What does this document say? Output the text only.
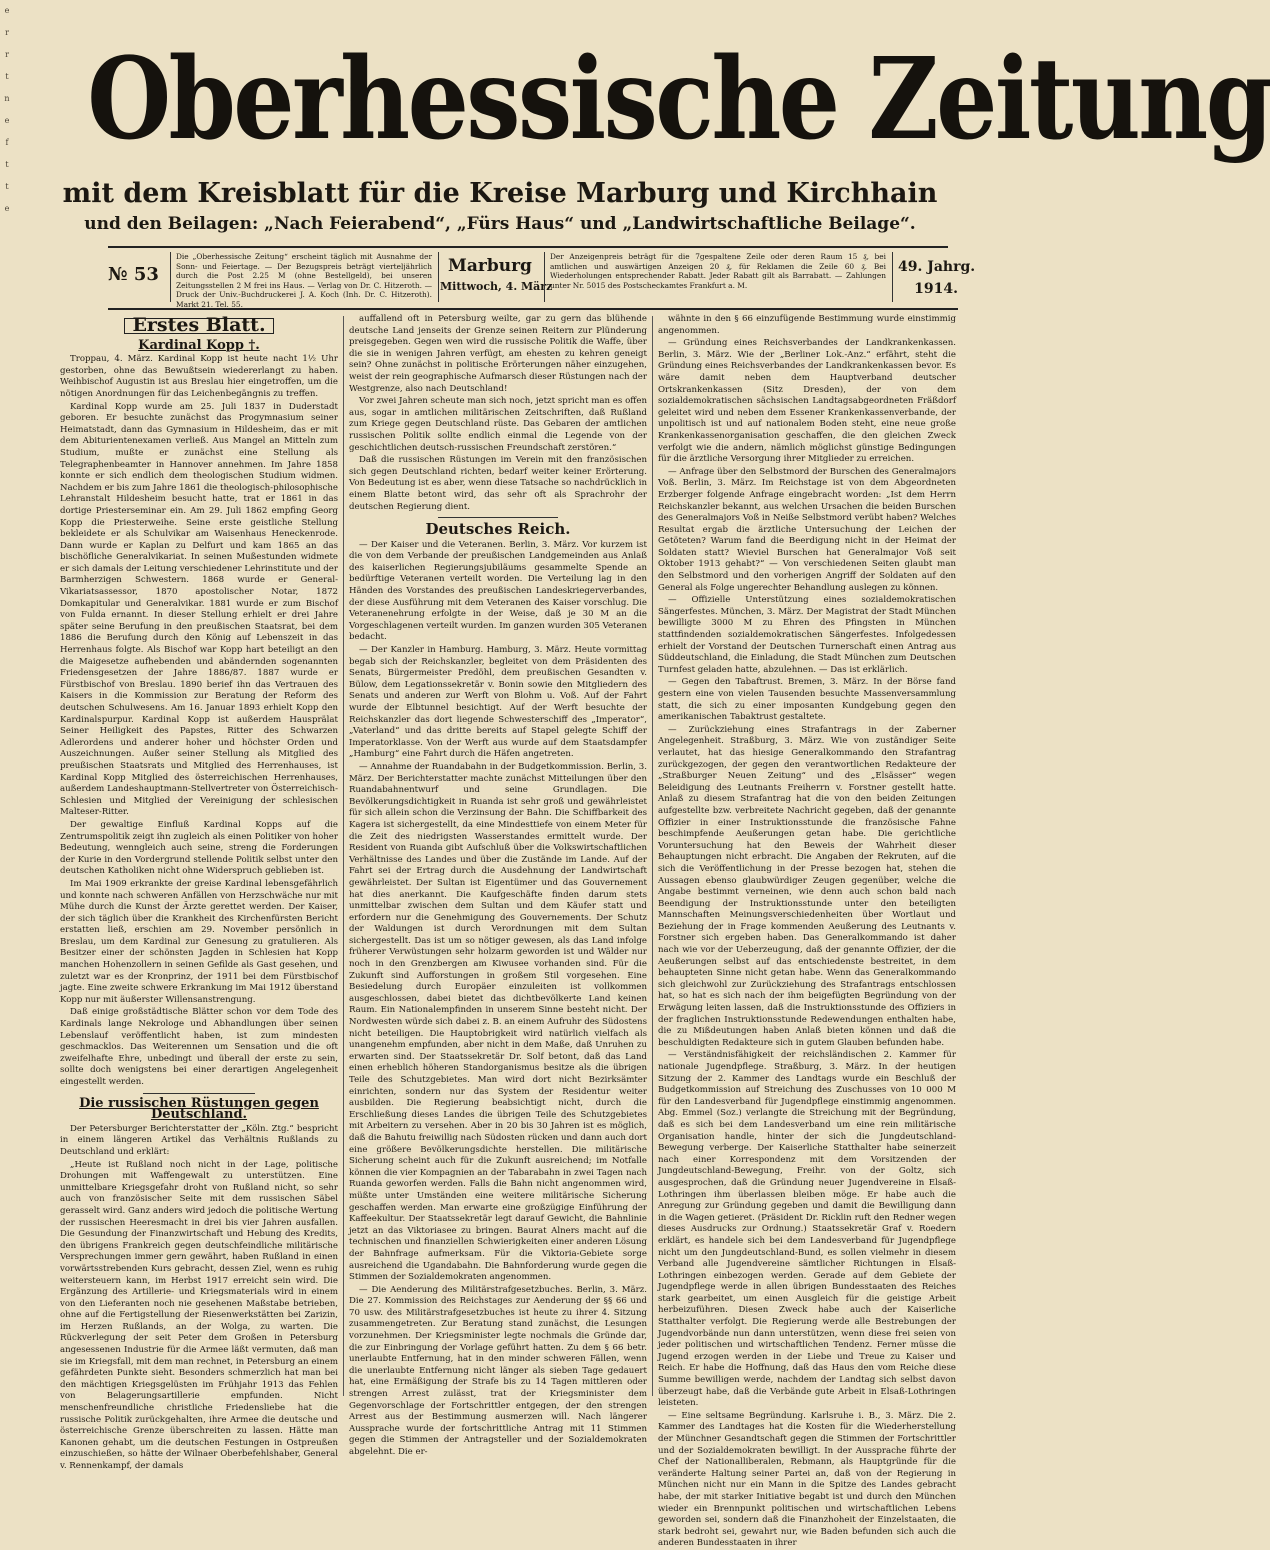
e
r
r
t
n
e
f
t
t
e
Oberhessische Zeitung
mit dem Kreisblatt für die Kreise Marburg und Kirchhain
und den Beilagen: „Nach Feierabend“, „Fürs Haus“ und „Landwirtschaftliche Beilage“.
№ 53
Die „Oberhessische Zeitung“ erscheint täglich mit Ausnahme der Sonn- und Feiertage. — Der Bezugspreis beträgt vierteljährlich durch die Post 2.25 M (ohne Bestellgeld), bei unseren Zeitungsstellen 2 M frei ins Haus. — Verlag von Dr. C. Hitzeroth. — Druck der Univ.-Buchdruckerei J. A. Koch (Inh. Dr. C. Hitzeroth). Markt 21. Tel. 55.
Marburg
Mittwoch, 4. März
Der Anzeigenpreis beträgt für die 7gespaltene Zeile oder deren Raum 15 ₰, bei amtlichen und auswärtigen Anzeigen 20 ₰, für Reklamen die Zeile 60 ₰. Bei Wiederholungen entsprechender Rabatt. Jeder Rabatt gilt als Barrabatt. — Zahlungen unter Nr. 5015 des Postscheckamtes Frankfurt a. M.
49. Jahrg.
1914.
Erstes Blatt.
Kardinal Kopp †.

Troppau, 4. März. Kardinal Kopp ist heute nacht 1½ Uhr gestorben, ohne das Bewußtsein wiedererlangt zu haben. Weihbischof Augustin ist aus Breslau hier eingetroffen, um die nötigen Anordnungen für das Leichenbegängnis zu treffen.

Kardinal Kopp wurde am 25. Juli 1837 in Duderstadt geboren. Er besuchte zunächst das Progymnasium seiner Heimatstadt, dann das Gymnasium in Hildesheim, das er mit dem Abiturientenexamen verließ. Aus Mangel an Mitteln zum Studium, mußte er zunächst eine Stellung als Telegraphenbeamter in Hannover annehmen. Im Jahre 1858 konnte er sich endlich dem theologischen Studium widmen. Nachdem er bis zum Jahre 1861 die theologisch-philosophische Lehranstalt Hildesheim besucht hatte, trat er 1861 in das dortige Priesterseminar ein. Am 29. Juli 1862 empfing Georg Kopp die Priesterweihe. Seine erste geistliche Stellung bekleidete er als Schulvikar am Waisenhaus Heneckenrode. Dann wurde er Kaplan zu Delfurt und kam 1865 an das bischöfliche Generalvikariat. In seinen Mußestunden widmete er sich damals der Leitung verschiedener Lehrinstitute und der Barmherzigen Schwestern. 1868 wurde er General-Vikariatsassessor, 1870 apostolischer Notar, 1872 Domkapitular und Generalvikar. 1881 wurde er zum Bischof von Fulda ernannt. In dieser Stellung erhielt er drei Jahre später seine Berufung in den preußischen Staatsrat, bei dem 1886 die Berufung durch den König auf Lebenszeit in das Herrenhaus folgte. Als Bischof war Kopp hart beteiligt an den die Maigesetze aufhebenden und abändernden sogenannten Friedensgesetzen der Jahre 1886/87. 1887 wurde er Fürstbischof von Breslau. 1890 berief ihn das Vertrauen des Kaisers in die Kommission zur Beratung der Reform des deutschen Schulwesens. Am 16. Januar 1893 erhielt Kopp den Kardinalspurpur. Kardinal Kopp ist außerdem Hausprälat Seiner Heiligkeit des Papstes, Ritter des Schwarzen Adlerordens und anderer hoher und höchster Orden und Auszeichnungen. Außer seiner Stellung als Mitglied des preußischen Staatsrats und Mitglied des Herrenhauses, ist Kardinal Kopp Mitglied des österreichischen Herrenhauses, außerdem Landeshauptmann-Stellvertreter von Österreichisch-Schlesien und Mitglied der Vereinigung der schlesischen Malteser-Ritter.

Der gewaltige Einfluß Kardinal Kopps auf die Zentrumspolitik zeigt ihn zugleich als einen Politiker von hoher Bedeutung, wenngleich auch seine, streng die Forderungen der Kurie in den Vordergrund stellende Politik selbst unter den deutschen Katholiken nicht ohne Widerspruch geblieben ist.

Im Mai 1909 erkrankte der greise Kardinal lebensgefährlich und konnte nach schweren Anfällen von Herzschwäche nur mit Mühe durch die Kunst der Ärzte gerettet werden. Der Kaiser, der sich täglich über die Krankheit des Kirchenfürsten Bericht erstatten ließ, erschien am 29. November persönlich in Breslau, um dem Kardinal zur Genesung zu gratulieren. Als Besitzer einer der schönsten Jagden in Schlesien hat Kopp manchen Hohenzollern in seinen Gefilde als Gast gesehen, und zuletzt war es der Kronprinz, der 1911 bei dem Fürstbischof jagte. Eine zweite schwere Erkrankung im Mai 1912 überstand Kopp nur mit äußerster Willensanstrengung.

Daß einige großstädtische Blätter schon vor dem Tode des Kardinals lange Nekrologe und Abhandlungen über seinen Lebenslauf veröffentlicht haben, ist zum mindesten geschmacklos. Das Weiterennen um Sensation und die oft zweifelhafte Ehre, unbedingt und überall der erste zu sein, sollte doch wenigstens bei einer derartigen Angelegenheit eingestellt werden.

Die russischen Rüstungen gegen Deutschland.

Der Petersburger Berichterstatter der „Köln. Ztg.“ bespricht in einem längeren Artikel das Verhältnis Rußlands zu Deutschland und erklärt:

„Heute ist Rußland noch nicht in der Lage, politische Drohungen mit Waffengewalt zu unterstützen. Eine unmittelbare Kriegsgefahr droht von Rußland nicht, so sehr auch von französischer Seite mit dem russischen Säbel gerasselt wird. Ganz anders wird jedoch die politische Wertung der russischen Heeresmacht in drei bis vier Jahren ausfallen. Die Gesundung der Finanzwirtschaft und Hebung des Kredits, den übrigens Frankreich gegen deutschfeindliche militärische Versprechungen immer gern gewährt, haben Rußland in einen vorwärtsstrebenden Kurs gebracht, dessen Ziel, wenn es ruhig weitersteuern kann, im Herbst 1917 erreicht sein wird. Die Ergänzung des Artillerie- und Kriegsmaterials wird in einem von den Lieferanten noch nie gesehenen Maßstabe betrieben, ohne auf die Fertigstellung der Riesenwerkstätten bei Zarizin, im Herzen Rußlands, an der Wolga, zu warten. Die Rückverlegung der seit Peter dem Großen in Petersburg angesessenen Industrie für die Armee läßt vermuten, daß man sie im Kriegsfall, mit dem man rechnet, in Petersburg an einem gefährdeten Punkte sieht. Besonders schmerzlich hat man bei den mächtigen Kriegsgelüsten im Frühjahr 1913 das Fehlen von Belagerungsartillerie empfunden. Nicht menschenfreundliche christliche Friedensliebe hat die russische Politik zurückgehalten, ihre Armee die deutsche und österreichische Grenze überschreiten zu lassen. Hätte man Kanonen gehabt, um die deutschen Festungen in Ostpreußen einzuschießen, so hätte der Wilnaer Oberbefehlshaber, General v. Rennenkampf, der damals

auffallend oft in Petersburg weilte, gar zu gern das blühende deutsche Land jenseits der Grenze seinen Reitern zur Plünderung preisgegeben. Gegen wen wird die russische Politik die Waffe, über die sie in wenigen Jahren verfügt, am ehesten zu kehren geneigt sein? Ohne zunächst in politische Erörterungen näher einzugehen, weist der rein geographische Aufmarsch dieser Rüstungen nach der Westgrenze, also nach Deutschland!

Vor zwei Jahren scheute man sich noch, jetzt spricht man es offen aus, sogar in amtlichen militärischen Zeitschriften, daß Rußland zum Kriege gegen Deutschland rüste. Das Gebaren der amtlichen russischen Politik sollte endlich einmal die Legende von der geschichtlichen deutsch-russischen Freundschaft zerstören.“

Daß die russischen Rüstungen im Verein mit den französischen sich gegen Deutschland richten, bedarf weiter keiner Erörterung. Von Bedeutung ist es aber, wenn diese Tatsache so nachdrücklich in einem Blatte betont wird, das sehr oft als Sprachrohr der deutschen Regierung dient.

Deutsches Reich.

— Der Kaiser und die Veteranen. Berlin, 3. März. Vor kurzem ist die von dem Verbande der preußischen Landgemeinden aus Anlaß des kaiserlichen Regierungsjubiläums gesammelte Spende an bedürftige Veteranen verteilt worden. Die Verteilung lag in den Händen des Vorstandes des preußischen Landeskriegerverbandes, der diese Ausführung mit dem Veteranen des Kaiser vorschlug. Die Veteranenehrung erfolgte in der Weise, daß je 30 M an die Vorgeschlagenen verteilt wurden. Im ganzen wurden 305 Veteranen bedacht.

— Der Kanzler in Hamburg. Hamburg, 3. März. Heute vormittag begab sich der Reichskanzler, begleitet von dem Präsidenten des Senats, Bürgermeister Predöhl, dem preußischen Gesandten v. Bülow, dem Legationssekretär v. Bonin sowie den Mitgliedern des Senats und anderen zur Werft von Blohm u. Voß. Auf der Fahrt wurde der Elbtunnel besichtigt. Auf der Werft besuchte der Reichskanzler das dort liegende Schwesterschiff des „Imperator“, „Vaterland“ und das dritte bereits auf Stapel gelegte Schiff der Imperatorklasse. Von der Werft aus wurde auf dem Staatsdampfer „Hamburg“ eine Fahrt durch die Häfen angetreten.

— Annahme der Ruandabahn in der Budgetkommission. Berlin, 3. März. Der Berichterstatter machte zunächst Mitteilungen über den Ruandabahnentwurf und seine Grundlagen. Die Bevölkerungsdichtigkeit in Ruanda ist sehr groß und gewährleistet für sich allein schon die Verzinsung der Bahn. Die Schiffbarkeit des Kagera ist sichergestellt, da eine Mindesttiefe von einem Meter für die Zeit des niedrigsten Wasserstandes ermittelt wurde. Der Resident von Ruanda gibt Aufschluß über die Volkswirtschaftlichen Verhältnisse des Landes und über die Zustände im Lande. Auf der Fahrt sei der Ertrag durch die Ausdehnung der Landwirtschaft gewährleistet. Der Sultan ist Eigentümer und das Gouvernement hat dies anerkannt. Die Kaufgeschäfte finden darum stets unmittelbar zwischen dem Sultan und dem Käufer statt und erfordern nur die Genehmigung des Gouvernements. Der Schutz der Waldungen ist durch Verordnungen mit dem Sultan sichergestellt. Das ist um so nötiger gewesen, als das Land infolge früherer Verwüstungen sehr holzarm geworden ist und Wälder nur noch in den Grenzbergen am Kiwusee vorhanden sind. Für die Zukunft sind Aufforstungen in großem Stil vorgesehen. Eine Besiedelung durch Europäer einzuleiten ist vollkommen ausgeschlossen, dabei bietet das dichtbevölkerte Land keinen Raum. Ein Nationalempfinden in unserem Sinne besteht nicht. Der Nordwesten würde sich dabei z. B. an einem Aufruhr des Südostens nicht beteiligen. Die Hauptobrigkeit wird natürlich vielfach als unangenehm empfunden, aber nicht in dem Maße, daß Unruhen zu erwarten sind. Der Staatssekretär Dr. Solf betont, daß das Land einen erheblich höheren Standorganismus besitze als die übrigen Teile des Schutzgebietes. Man wird dort nicht Bezirksämter einrichten, sondern nur das System der Residentur weiter ausbilden. Die Regierung beabsichtigt nicht, durch die Erschließung dieses Landes die übrigen Teile des Schutzgebietes mit Arbeitern zu versehen. Aber in 20 bis 30 Jahren ist es möglich, daß die Bahutu freiwillig nach Südosten rücken und dann auch dort eine größere Bevölkerungsdichte herstellen. Die militärische Sicherung scheint auch für die Zukunft ausreichend; im Notfalle können die vier Kompagnien an der Tabarabahn in zwei Tagen nach Ruanda geworfen werden. Falls die Bahn nicht angenommen wird, müßte unter Umständen eine weitere militärische Sicherung geschaffen werden. Man erwarte eine großzügige Einführung der Kaffeekultur. Der Staatssekretär legt darauf Gewicht, die Bahnlinie jetzt an das Viktoriasee zu bringen. Baurat Alners macht auf die technischen und finanziellen Schwierigkeiten einer anderen Lösung der Bahnfrage aufmerksam. Für die Viktoria-Gebiete sorge ausreichend die Ugandabahn. Die Bahnforderung wurde gegen die Stimmen der Sozialdemokraten angenommen.

— Die Aenderung des Militärstrafgesetzbuches. Berlin, 3. März. Die 27. Kommission des Reichstages zur Aenderung der §§ 66 und 70 usw. des Militärstrafgesetzbuches ist heute zu ihrer 4. Sitzung zusammengetreten. Zur Beratung stand zunächst, die Lesungen vorzunehmen. Der Kriegsminister legte nochmals die Gründe dar, die zur Einbringung der Vorlage geführt hatten. Zu dem § 66 betr. unerlaubte Entfernung, hat in den minder schweren Fällen, wenn die unerlaubte Entfernung nicht länger als sieben Tage gedauert hat, eine Ermäßigung der Strafe bis zu 14 Tagen mittleren oder strengen Arrest zulässt, trat der Kriegsminister dem Gegenvorschlage der Fortschrittler entgegen, der den strengen Arrest aus der Bestimmung ausmerzen will. Nach längerer Aussprache wurde der fortschrittliche Antrag mit 11 Stimmen gegen die Stimmen der Antragsteller und der Sozialdemokraten abgelehnt. Die er-

wähnte in den § 66 einzufügende Bestimmung wurde einstimmig angenommen.

— Gründung eines Reichsverbandes der Landkrankenkassen. Berlin, 3. März. Wie der „Berliner Lok.-Anz.“ erfährt, steht die Gründung eines Reichsverbandes der Landkrankenkassen bevor. Es wäre damit neben dem Hauptverband deutscher Ortskrankenkassen (Sitz Dresden), der von dem sozialdemokratischen sächsischen Landtagsabgeordneten Fräßdorf geleitet wird und neben dem Essener Krankenkassenverbande, der unpolitisch ist und auf nationalem Boden steht, eine neue große Krankenkassenorganisation geschaffen, die den gleichen Zweck verfolgt wie die andern, nämlich möglichst günstige Bedingungen für die ärztliche Versorgung ihrer Mitglieder zu erreichen.

— Anfrage über den Selbstmord der Burschen des Generalmajors Voß. Berlin, 3. März. Im Reichstage ist von dem Abgeordneten Erzberger folgende Anfrage eingebracht worden: „Ist dem Herrn Reichskanzler bekannt, aus welchen Ursachen die beiden Burschen des Generalmajors Voß in Neiße Selbstmord verübt haben? Welches Resultat ergab die ärztliche Untersuchung der Leichen der Getöteten? Warum fand die Beerdigung nicht in der Heimat der Soldaten statt? Wieviel Burschen hat Generalmajor Voß seit Oktober 1913 gehabt?“ — Von verschiedenen Seiten glaubt man den Selbstmord und den vorherigen Angriff der Soldaten auf den General als Folge ungerechter Behandlung auslegen zu können.

— Offizielle Unterstützung eines sozialdemokratischen Sängerfestes. München, 3. März. Der Magistrat der Stadt München bewilligte 3000 M zu Ehren des Pfingsten in München stattfindenden sozialdemokratischen Sängerfestes. Infolgedessen erhielt der Vorstand der Deutschen Turnerschaft einen Antrag aus Süddeutschland, die Einladung, die Stadt München zum Deutschen Turnfest geladen hatte, abzulehnen. — Das ist erklärlich.

— Gegen den Tabaftrust. Bremen, 3. März. In der Börse fand gestern eine von vielen Tausenden besuchte Massenversammlung statt, die sich zu einer imposanten Kundgebung gegen den amerikanischen Tabaktrust gestaltete.

— Zurückziehung eines Strafantrags in der Zaberner Angelegenheit. Straßburg, 3. März. Wie von zuständiger Seite verlautet, hat das hiesige Generalkommando den Strafantrag zurückgezogen, der gegen den verantwortlichen Redakteure der „Straßburger Neuen Zeitung“ und des „Elsässer“ wegen Beleidigung des Leutnants Freiherrn v. Forstner gestellt hatte. Anlaß zu diesem Strafantrag hat die von den beiden Zeitungen aufgestellte bzw. verbreitete Nachricht gegeben, daß der genannte Offizier in einer Instruktionsstunde die französische Fahne beschimpfende Aeußerungen getan habe. Die gerichtliche Voruntersuchung hat den Beweis der Wahrheit dieser Behauptungen nicht erbracht. Die Angaben der Rekruten, auf die sich die Veröffentlichung in der Presse bezogen hat, stehen die Aussagen ebenso glaubwürdiger Zeugen gegenüber, welche die Angabe bestimmt verneinen, wie denn auch schon bald nach Beendigung der Instruktionsstunde unter den beteiligten Mannschaften Meinungsverschiedenheiten über Wortlaut und Beziehung der in Frage kommenden Aeußerung des Leutnants v. Forstner sich ergeben haben. Das Generalkommando ist daher nach wie vor der Ueberzeugung, daß der genannte Offizier, der die Aeußerungen selbst auf das entschiedenste bestreitet, in dem behaupteten Sinne nicht getan habe. Wenn das Generalkommando sich gleichwohl zur Zurückziehung des Strafantrags entschlossen hat, so hat es sich nach der ihm beigefügten Begründung von der Erwägung leiten lassen, daß die Instruktionsstunde des Offiziers in der fraglichen Instruktionsstunde Redewendungen enthalten habe, die zu Mißdeutungen haben Anlaß bieten können und daß die beschuldigten Redakteure sich in gutem Glauben befunden habe.

— Verständnisfähigkeit der reichsländischen 2. Kammer für nationale Jugendpflege. Straßburg, 3. März. In der heutigen Sitzung der 2. Kammer des Landtags wurde ein Beschluß der Budgetkommission auf Streichung des Zuschusses von 10 000 M für den Landesverband für Jugendpflege einstimmig angenommen. Abg. Emmel (Soz.) verlangte die Streichung mit der Begründung, daß es sich bei dem Landesverband um eine rein militärische Organisation handle, hinter der sich die Jungdeutschland-Bewegung verberge. Der Kaiserliche Statthalter habe seinerzeit nach einer Korrespondenz mit dem Vorsitzenden der Jungdeutschland-Bewegung, Freihr. von der Goltz, sich ausgesprochen, daß die Gründung neuer Jugendvereine in Elsaß-Lothringen ihm überlassen bleiben möge. Er habe auch die Anregung zur Gründung gegeben und damit die Bewilligung dann in die Wagen getieret. (Präsident Dr. Ricklin ruft den Redner wegen dieses Ausdrucks zur Ordnung.) Staatssekretär Graf v. Roedern erklärt, es handele sich bei dem Landesverband für Jugendpflege nicht um den Jungdeutschland-Bund, es sollen vielmehr in diesem Verband alle Jugendvereine sämtlicher Richtungen in Elsaß-Lothringen einbezogen werden. Gerade auf dem Gebiete der Jugendpflege werde in allen übrigen Bundesstaaten des Reiches stark gearbeitet, um einen Ausgleich für die geistige Arbeit herbeizuführen. Diesen Zweck habe auch der Kaiserliche Statthalter verfolgt. Die Regierung werde alle Bestrebungen der Jugendvorbände nun dann unterstützen, wenn diese frei seien von jeder politischen und wirtschaftlichen Tendenz. Ferner müsse die Jugend erzogen werden in der Liebe und Treue zu Kaiser und Reich. Er habe die Hoffnung, daß das Haus den vom Reiche diese Summe bewilligen werde, nachdem der Landtag sich selbst davon überzeugt habe, daß die Verbände gute Arbeit in Elsaß-Lothringen leisteten.

— Eine seltsame Begründung. Karlsruhe i. B., 3. März. Die 2. Kammer des Landtages hat die Kosten für die Wiederherstellung der Münchner Gesandtschaft gegen die Stimmen der Fortschrittler und der Sozialdemokraten bewilligt. In der Aussprache führte der Chef der Nationalliberalen, Rebmann, als Hauptgründe für die veränderte Haltung seiner Partei an, daß von der Regierung in München nicht nur ein Mann in die Spitze des Landes gebracht habe, der mit starker Initiative begabt ist und durch den München wieder ein Brennpunkt politischen und wirtschaftlichen Lebens geworden sei, sondern daß die Finanzhoheit der Einzelstaaten, die stark bedroht sei, gewahrt nur, wie Baden befunden sich auch die anderen Bundesstaaten in ihrer
